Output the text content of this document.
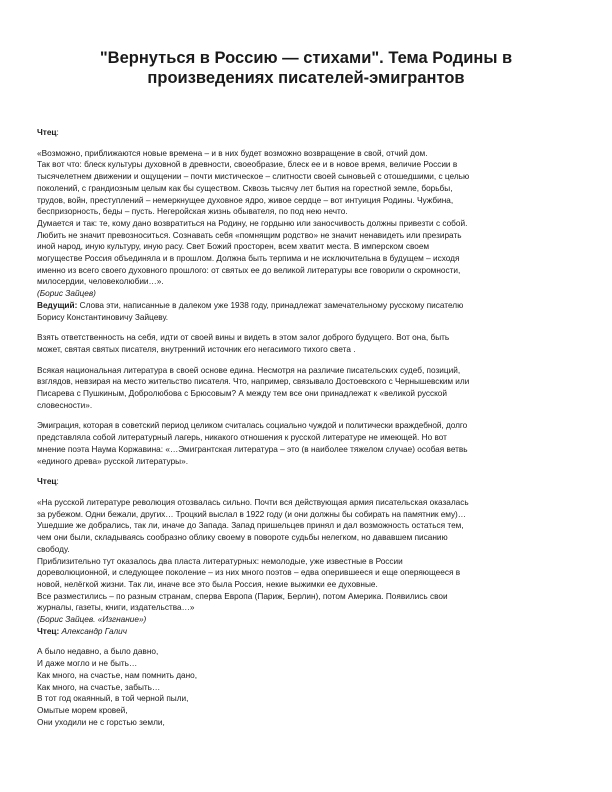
"Вернуться в Россию — стихами". Тема Родины в
произведениях писателей-эмигрантов

Чтец:

«Возможно, приближаются новые времена – и в них будет возможно возвращение в свой, отчий дом.

Так вот что: блеск культуры духовной в древности, своеобразие, блеск ее и в новое время, величие России в

тысячелетнем движении и ощущении – почти мистическое – слитности своей сыновьей с отошедшими, с целью

поколений, с грандиозным целым как бы существом. Сквозь тысячу лет бытия на горестной земле, борьбы,

трудов, войн, преступлений – немеркнущее духовное ядро, живое сердце – вот интуиция Родины. Чужбина,

беспризорность, беды – пусть. Негеройская жизнь обывателя, по под нею нечто.

Думается и так: те, кому дано возвратиться на Родину, не гордыню или заносчивость должны привезти с собой.

Любить не значит превозноситься. Сознавать себя «помнящим родство» не значит ненавидеть или презирать

иной народ, иную культуру, иную расу. Свет Божий просторен, всем хватит места. В имперском своем

могуществе Россия объединяла и в прошлом. Должна быть терпима и не исключительна в будущем – исходя

именно из всего своего духовного прошлого: от святых ее до великой литературы все говорили о скромности,

милосердии, человеколюбии…».

(Борис Зайцев)

Ведущий: Слова эти, написанные в далеком уже 1938 году, принадлежат замечательному русскому писателю

Борису Константиновичу Зайцеву.

Взять ответственность на себя, идти от своей вины и видеть в этом залог доброго будущего. Вот она, быть

может, святая святых писателя, внутренний источник его негасимого тихого света .

Всякая национальная литература в своей основе едина. Несмотря на различие писательских судеб, позиций,

взглядов, невзирая на место жительство писателя. Что, например, связывало Достоевского с Чернышевским или

Писарева с Пушкиным, Добролюбова с Брюсовым? А между тем все они принадлежат к «великой русской

словесности».

Эмиграция, которая в советский период целиком считалась социально чуждой и политически враждебной, долго

представляла собой литературный лагерь, никакого отношения к русской литературе не имеющей. Но вот

мнение поэта Наума Коржавина: «…Эмигрантская литература – это (в наиболее тяжелом случае) особая ветвь

«единого древа» русской литературы».

Чтец:

«На русской литературе революция отозвалась сильно. Почти вся действующая армия писательская оказалась

за рубежом. Одни бежали, других… Троцкий выслал в 1922 году (и они должны бы собирать на памятник ему)…

Ушедшие же добрались, так ли, иначе до Запада. Запад пришельцев принял и дал возможность остаться тем,

чем они были, складываясь сообразно облику своему в повороте судьбы нелегком, но дававшем писанию

свободу.

Приблизительно тут оказалось два пласта литературных: немолодые, уже известные в России

дореволюционной, и следующее поколение – из них много поэтов – едва оперившееся и еще оперяющееся в

новой, нелёгкой жизни. Так ли, иначе все это была Россия, некие выжимки ее духовные.

Все разместились – по разным странам, сперва Европа (Париж, Берлин), потом Америка. Появились свои

журналы, газеты, книги, издательства…»

(Борис Зайцев. «Изгнание»)

Чтец: Александр Галич

А было недавно, а было давно,

И даже могло и не быть…

Как много, на счастье, нам помнить дано,

Как много, на счастье, забыть…

В тот год окаянный, в той черной пыли,

Омытые морем кровей,

Они уходили не с горстью земли,
